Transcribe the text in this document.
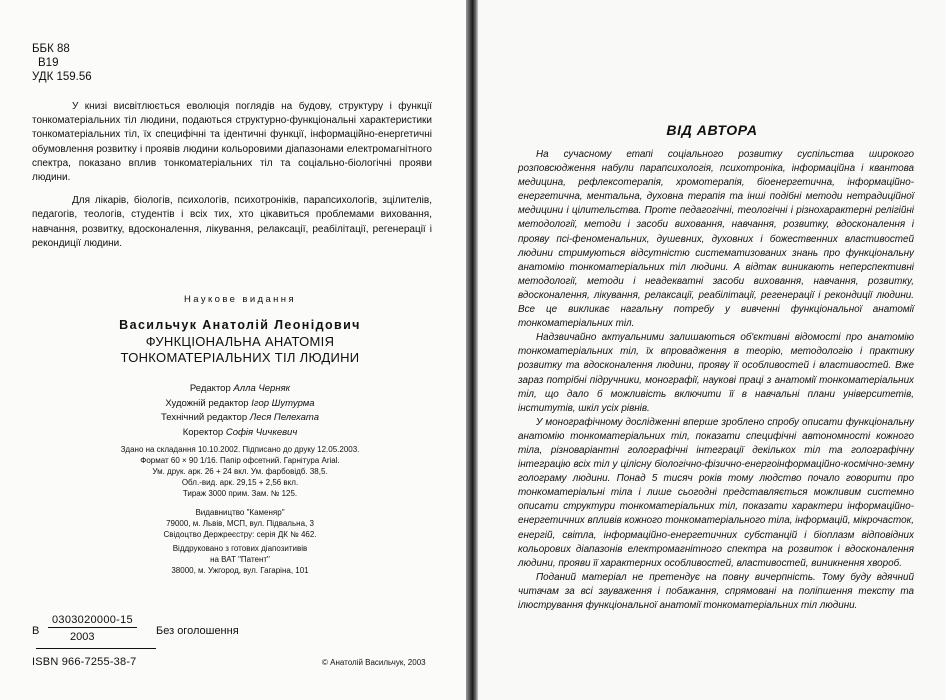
ББК 88
В19
УДК 159.56

У книзі висвітлюється еволюція поглядів на будову, структуру і функції тонкоматеріальних тіл людини, подаються структурно-функціональні характеристики тонкоматеріальних тіл, їх специфічні та ідентичні функції, інформаційно-енергетичні обумовлення розвитку і проявів людини кольоровими діапазонами електромагнітного спектра, показано вплив тонкоматеріальних тіл та соціально-біологічні прояви людини.

Для лікарів, біологів, психологів, психотроніків, парапсихологів, зцілителів, педагогів, теологів, студентів і всіх тих, хто цікавиться проблемами виховання, навчання, розвитку, вдосконалення, лікування, релаксації, реабілітації, регенерації і рекондиції людини.

Наукове видання
Васильчук Анатолій Леонідович
ФУНКЦІОНАЛЬНА АНАТОМІЯ
ТОНКОМАТЕРІАЛЬНИХ ТІЛ ЛЮДИНИ
Редактор Алла Черняк
Художній редактор Ігор Шутурма
Технічний редактор Леся Пелехата
Коректор Софія Чичкевич
Здано на складання 10.10.2002. Підписано до друку 12.05.2003.
Формат 60 × 90 1/16. Папір офсетний. Гарнітура Arial.
Ум. друк. арк. 26 + 24 вкл. Ум. фарбовідб. 38,5.
Обл.-вид. арк. 29,15 + 2,56 вкл.
Тираж 3000 прим. Зам. № 125.
Видавництво "Каменяр"
79000, м. Львів, МСП, вул. Підвальна, 3
Свідоцтво Держреєстру: серія ДК № 462.
Віддруковано з готових діапозитивів
на ВАТ "Патент"
38000, м. Ужгород, вул. Гагаріна, 101
В
0303020000-15
2003	Без оголошення
ISBN 966-7255-38-7	© Анатолій Васильчук, 2003
ВІД АВТОРА

На сучасному етапі соціального розвитку суспільства широкого розповсюдження набули парапсихологія, психотроніка, інформаційна і квантова медицина, рефлексотерапія, хромотерапія, біоенергетична, інформаційно-енергетична, ментальна, духовна терапія та інші подібні методи нетрадиційної медицини і цілительства. Проте педагогічні, теологічні і різнохарактерні релігійні методології, методи і засоби виховання, навчання, розвитку, вдосконалення і прояву псі-феноменальних, душевних, духовних і божественних властивостей людини стримуються відсутністю систематизованих знань про функціональну анатомію тонкоматеріальних тіл людини. А відтак виникають неперспективні методології, методи і неадекватні засоби виховання, навчання, розвитку, вдосконалення, лікування, релаксації, реабілітації, регенерації і рекондиції людини. Все це викликає нагальну потребу у вивченні функціональної анатомії тонкоматеріальних тіл.

Надзвичайно актуальними залишаються об'єктивні відомості про анатомію тонкоматеріальних тіл, їх впровадження в теорію, методологію і практику розвитку та вдосконалення людини, прояву її особливостей і властивостей. Вже зараз потрібні підручники, монографії, наукові праці з анатомії тонкоматеріальних тіл, що дало б можливість включити її в навчальні плани університетів, інститутів, шкіл усіх рівнів.

У монографічному дослідженні вперше зроблено спробу описати функціональну анатомію тонкоматеріальних тіл, показати специфічні автономності кожного тіла, різноваріантні голографічні інтеграції декількох тіл та голографічну інтеграцію всіх тіл у цілісну біологічно-фізично-енергоінформаційно-космічно-земну голограму людини. Понад 5 тисяч років тому людство почало говорити про тонкоматеріальні тіла і лише сьогодні представляється можливим системно описати структури тонкоматеріальних тіл, показати характери інформаційно-енергетичних впливів кожного тонкоматеріального тіла, інформацій, мікрочасток, енергій, світла, інформаційно-енергетичних субстанцій і біоплазм відповідних кольорових діапазонів електромагнітного спектра на розвиток і вдосконалення людини, прояви її характерних особливостей, властивостей, виникнення хвороб.

Поданий матеріал не претендує на повну вичерпність. Тому буду вдячний читачам за всі зауваження і побажання, спрямовані на поліпшення тексту та ілюстрування функціональної анатомії тонкоматеріальних тіл людини.
